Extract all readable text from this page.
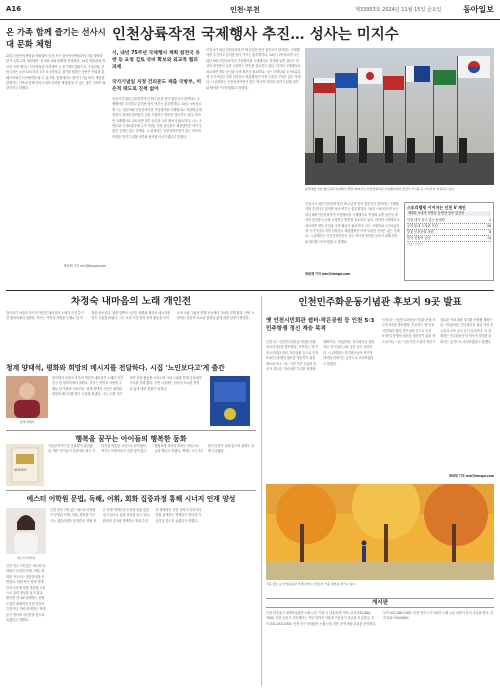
A16	인천·부천	제33953호 2024년 11월 15일 금요일	동아일보
온 가족 함께 즐기는 선사시대 문화 체험
23일 검단선사박물관 체험행사 인천 서구 검단선사박물관이 겨울 방학을 맞아 특별 교육 체험행사 '선사와 나와 함께'를 운영한다. 14일 박물관에 따르면 이번 행사는 선사박물관 사전예약 등 총 7개의 활동으로 구성된다. 운영시간은 오전 10시부터 오후 5시까지다. 참가를 원하는 사람은 박물관 홈페이지에서 사전예약을 할 수 있으며, 현장에서도 참가가 가능하다. 박물관 관계자는 가족과 함께 선사시대의 문화를 체험해 볼 수 있는 좋은 기회가 될 것이라고 말했다.
박희제 기자 min@donga.com
인천상륙작전 국제행사 추진… 성사는 미지수
시, 내년 75주년 국제행사 계획 참전국 유엔 등 요청 검토 국비 확보와 외교적 협의 과제
국가기념일 지정 건의문도 제출 국방부, 미온적 태도로 진척 없어
인천시가 내년 인천상륙작전 75주년을 맞아 참전국이 참여하는 국제행사를 추진하고 있지만 성사 여부는 불투명하다. 14일 시에 따르면 시는 내년 9월 인천상륙작전 기념행사를 국제행사로 격상해 유엔 참전국 정상과 참전용사 등을 초청하는 방안을 검토하고 있다. 하지만 국제행사로 치르려면 정부 승인과 국비 확보가 필요하다. 시는 국방부와 국가보훈부에 국가기념일 지정 건의문도 제출했지만 아직 뚜렷한 진척은 없는 상태다. 시 관계자는 인천상륙작전이 갖는 역사적 의미를 알리기 위해 정부와 협의를 이어가겠다고 말했다.
인천시가 내년 인천상륙작전 75주년을 맞아 참전국이 참여하는 국제행사를 추진하고 있지만 성사 여부는 불투명하다. 14일 시에 따르면 시는 내년 9월 인천상륙작전 기념행사를 국제행사로 격상해 유엔 참전국 정상과 참전용사 등을 초청하는 방안을 검토하고 있다. 하지만 국제행사로 치르려면 정부 승인과 국비 확보가 필요하다. 시는 국방부와 국가보훈부에 국가기념일 지정 건의문도 제출했지만 아직 뚜렷한 진척은 없는 상태다. 시 관계자는 인천상륙작전이 갖는 역사적 의미를 알리기 위해 정부와 협의를 이어가겠다고 말했다.
올해 9월 인천 월미공원 일대에서 열린 제74주년 인천상륙작전 기념행사에서 참전국 국기를 든 기수단이 입장하고 있다.
인천시가 내년 인천상륙작전 75주년을 맞아 참전국이 참여하는 국제행사를 추진하고 있지만 성사 여부는 불투명하다. 14일 시에 따르면 시는 내년 9월 인천상륙작전 기념행사를 국제행사로 격상해 유엔 참전국 정상과 참전용사 등을 초청하는 방안을 검토하고 있다. 하지만 국제행사로 치르려면 정부 승인과 국비 확보가 필요하다. 시는 국방부와 국가보훈부에 국가기념일 지정 건의문도 제출했지만 아직 뚜렷한 진척은 없는 상태다. 시 관계자는 인천상륙작전이 갖는 역사적 의미를 알리기 위해 정부와 협의를 이어가겠다고 말했다.
박희제 기자 min@donga.com
스토리텔링 이어지는 인천 V 제안
제3회 시대의 사람들 동영상 공모 입상작
인천 내가 살고 있는 동네를	2
우리 동네 도서관 모임	26
불꽃 인천문화 정원	8
한국 전통의 공간	14
자료: 인천시
차정숙 내마음의 노래 개인전
한국화가 차정숙 작가의 개인전 내마음의 노래가 인천 중구 한 갤러리에서 열린다. 작가는 자연과 사람을 주제로 한 작품을 선보인다. 청계 양태석 시인은 평화와 희망의 메시지를 담은 시집을 펴냈다. 그는 오랜 기간 지역 문화 활동을 이어오며 시와 그림을 통해 공동체의 가치를 전해 왔다. 이번 시집에는 일상의 소소한 풍경과 삶에 대한 성찰이 담겼다.
청계 양태석, 평화와 희망의 메시지를 전달하다. 시집 '노인보다고'게 출간
청계 양태석
한국화가 차정숙 작가의 개인전 내마음의 노래가 인천 중구 한 갤러리에서 열린다. 작가는 자연과 사람을 주제로 한 작품을 선보인다. 청계 양태석 시인은 평화와 희망의 메시지를 담은 시집을 펴냈다. 그는 오랜 기간 지역 문화 활동을 이어오며 시와 그림을 통해 공동체의 가치를 전해 왔다. 이번 시집에는 일상의 소소한 풍경과 삶에 대한 성찰이 담겼다.
행복을 꿈꾸는 아이들의 행복한 동화
ADEUM
아동문학가가 쓴 동화집이 출간됐다. 책은 아이들이 일상에서 겪는 이야기를 따뜻한 시선으로 담아냈다. 작가는 어린이들이 꿈을 잃지 않고 행복하게 자라길 바라는 마음으로 글을 썼다고 밝혔다. 책에는 모두 12편의 동화가 실려 있으며 삽화도 함께 수록됐다.
에스터 어학원 문법, 독해, 어휘, 회화 집중과정 통해 시너지 인재 양성
에스터 어학원
인천 연수구에 있는 에스터 어학원이 문법과 독해, 어휘, 회화를 아우르는 집중과정을 운영한다. 학원 측은 학생 개개인의 수준에 맞춘 맞춤형 수업으로 실력 향상을 돕고 있다. 원어민 강사와 함께하는 회화 수업과 체계적인 문법 강의가 특징이다. 학원 관계자는 학생들이 영어에 자신감을 갖도록 돕겠다고 말했다.
인천 연수구에 있는 에스터 어학원이 문법과 독해, 어휘, 회화를 아우르는 집중과정을 운영한다. 학원 측은 학생 개개인의 수준에 맞춘 맞춤형 수업으로 실력 향상을 돕고 있다. 원어민 강사와 함께하는 회화 수업과 체계적인 문법 강의가 특징이다. 학원 관계자는 학생들이 영어에 자신감을 갖도록 돕겠다고 말했다.
인천민주화운동기념관 후보지 9곳 발표
옛 인천시민회관 쉼터·작은공원 등 인천 5·3민주항쟁 정신 계승 목적
인천시는 인천민주화운동기념관 건립 후보지 9곳을 발표했다. 후보지는 옛 인천시민회관 쉼터, 작은공원 등으로 인천 5·3민주항쟁의 정신을 계승하기 위한 장소들이다. 시는 시민 의견 수렴과 전문가 검토를 거쳐 최종 부지를 선정할 계획이다. 기념관에는 민주화운동 관련 자료 전시실과 교육 공간 등이 들어선다. 시 관계자는 민주화운동의 역사적 의미를 되새기는 공간으로 조성하겠다고 말했다.
인천시는 인천민주화운동기념관 건립 후보지 9곳을 발표했다. 후보지는 옛 인천시민회관 쉼터, 작은공원 등으로 인천 5·3민주항쟁의 정신을 계승하기 위한 장소들이다. 시는 시민 의견 수렴과 전문가 검토를 거쳐 최종 부지를 선정할 계획이다. 기념관에는 민주화운동 관련 자료 전시실과 교육 공간 등이 들어선다. 시 관계자는 민주화운동의 역사적 의미를 되새기는 공간으로 조성하겠다고 말했다.
박희제 기자 min@donga.com
단풍 물든 길 인천대공원 산책로에서 시민들이 가을 정취를 즐기고 있다.
게시판
인천 미추홀구 평생학습관은 ○월 ○일 '가을 시 낭송회'를 연다. 문의 032-880-7000. 인천 남동구 주민센터는 이달 말까지 겨울철 이웃돕기 성금을 모금한다. 문의 032-453-2000. 인천 서구 문화원은 ○월 ○일 전통 공예 체험 교실을 운영한다. 문의 032-560-1000. 인천 연수구 도서관은 ○월 ○일 어린이 독서 교실을 연다. 문의 032-749-8000.
